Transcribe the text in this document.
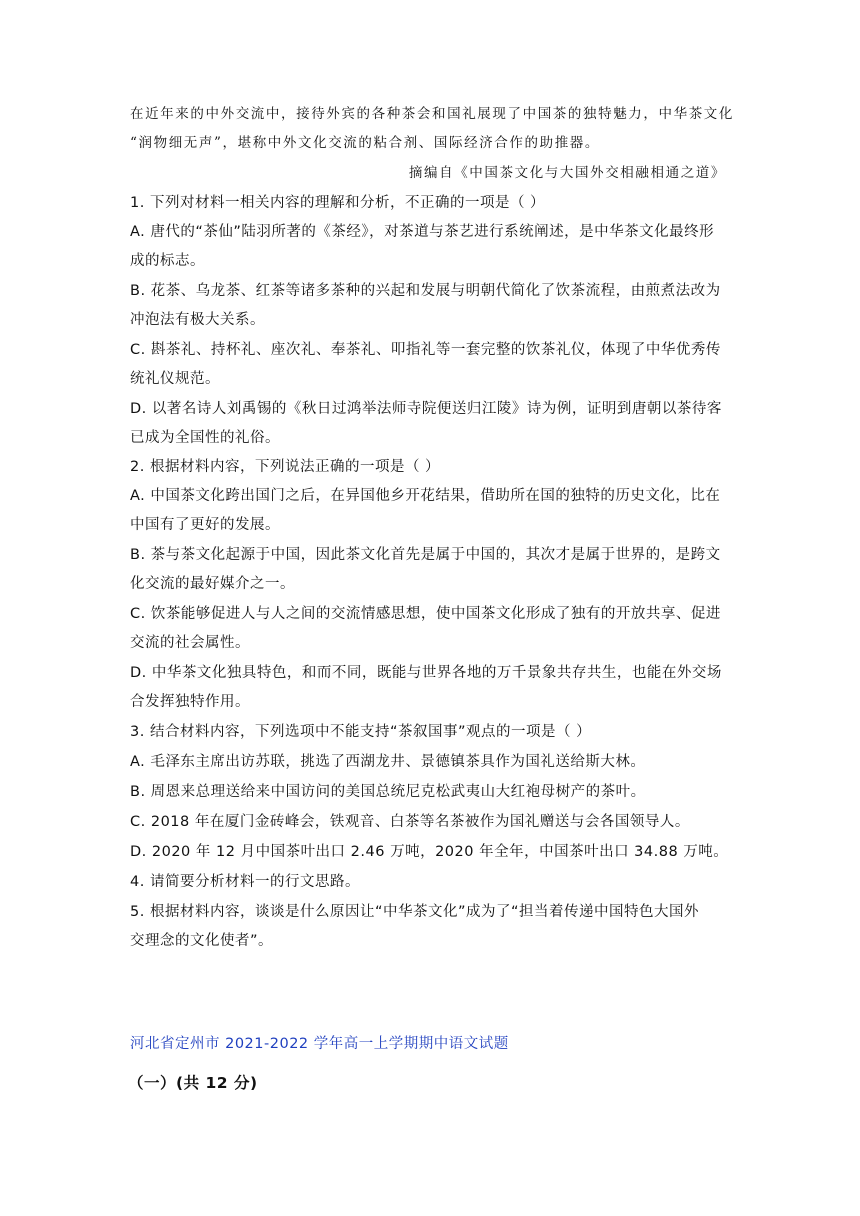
在近年来的中外交流中，接待外宾的各种茶会和国礼展现了中国茶的独特魅力，中华茶文化
“润物细无声”，堪称中外文化交流的粘合剂、国际经济合作的助推器。
摘编自《中国茶文化与大国外交相融相通之道》
1. 下列对材料一相关内容的理解和分析，不正确的一项是（ ）
A. 唐代的“茶仙”陆羽所著的《茶经》，对茶道与茶艺进行系统阐述，是中华茶文化最终形
成的标志。
B. 花茶、乌龙茶、红茶等诸多茶种的兴起和发展与明朝代简化了饮茶流程，由煎煮法改为
冲泡法有极大关系。
C. 斟茶礼、持杯礼、座次礼、奉茶礼、叩指礼等一套完整的饮茶礼仪，体现了中华优秀传
统礼仪规范。
D. 以著名诗人刘禹锡的《秋日过鸿举法师寺院便送归江陵》诗为例，证明到唐朝以茶待客
已成为全国性的礼俗。
2. 根据材料内容，下列说法正确的一项是（ ）
A. 中国茶文化跨出国门之后，在异国他乡开花结果，借助所在国的独特的历史文化，比在
中国有了更好的发展。
B. 茶与茶文化起源于中国，因此茶文化首先是属于中国的，其次才是属于世界的，是跨文
化交流的最好媒介之一。
C. 饮茶能够促进人与人之间的交流情感思想，使中国茶文化形成了独有的开放共享、促进
交流的社会属性。
D. 中华茶文化独具特色，和而不同，既能与世界各地的万千景象共存共生，也能在外交场
合发挥独特作用。
3. 结合材料内容，下列选项中不能支持“茶叙国事”观点的一项是（ ）
A. 毛泽东主席出访苏联，挑选了西湖龙井、景德镇茶具作为国礼送给斯大林。
B. 周恩来总理送给来中国访问的美国总统尼克松武夷山大红袍母树产的茶叶。
C. 2018 年在厦门金砖峰会，铁观音、白茶等名茶被作为国礼赠送与会各国领导人。
D. 2020 年 12 月中国茶叶出口 2.46 万吨，2020 年全年，中国茶叶出口 34.88 万吨。
4. 请简要分析材料一的行文思路。
5. 根据材料内容，谈谈是什么原因让“中华茶文化”成为了“担当着传递中国特色大国外
交理念的文化使者”。
河北省定州市 2021-2022 学年高一上学期期中语文试题
（一）(共 12 分)
